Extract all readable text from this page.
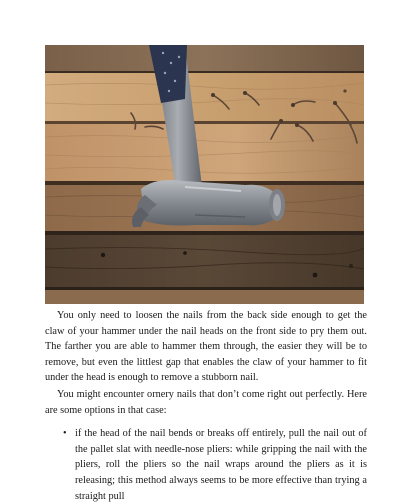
You only need to loosen the nails from the back side enough to get the claw of your hammer under the nail heads on the front side to pry them out. The farther you are able to hammer them through, the easier they will be to remove, but even the littlest gap that enables the claw of your hammer to fit under the head is enough to remove a stubborn nail.

You might encounter ornery nails that don’t come right out perfectly. Here are some options in that case:

• if the head of the nail bends or breaks off entirely, pull the nail out of the pallet slat with needle-nose pliers: while gripping the nail with the pliers, roll the pliers so the nail wraps around the pliers as it is releasing; this method always seems to be more effective than trying a straight pull
